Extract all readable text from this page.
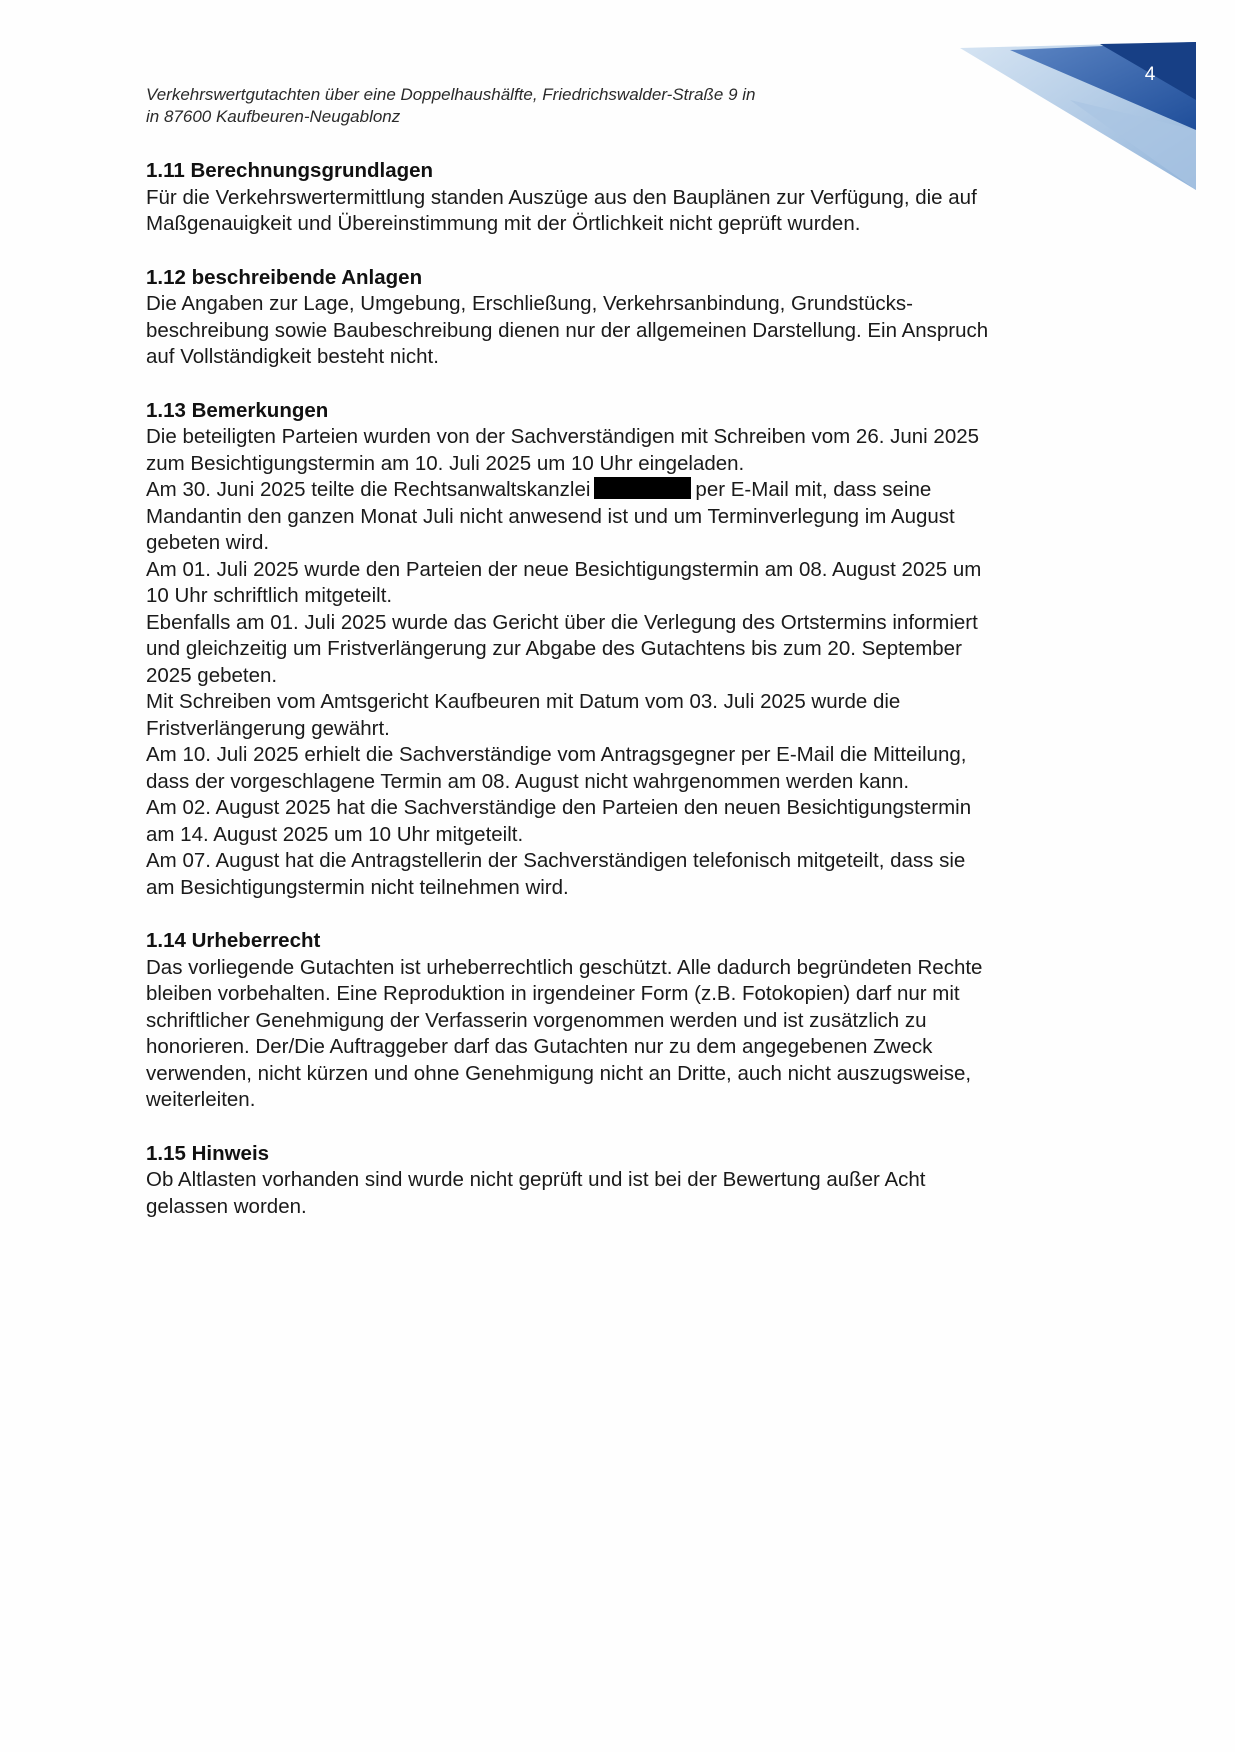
4
Verkehrswertgutachten über eine Doppelhaushälfte, Friedrichswalder-Straße 9 in
in 87600 Kaufbeuren-Neugablonz
1.11 Berechnungsgrundlagen

Für die Verkehrswertermittlung standen Auszüge aus den Bauplänen zur Verfügung, die auf

Maßgenauigkeit und Übereinstimmung mit der Örtlichkeit nicht geprüft wurden.

1.12 beschreibende Anlagen

Die Angaben zur Lage, Umgebung, Erschließung, Verkehrsanbindung, Grundstücks-

beschreibung sowie Baubeschreibung dienen nur der allgemeinen Darstellung. Ein Anspruch

auf Vollständigkeit besteht nicht.

1.13 Bemerkungen

Die beteiligten Parteien wurden von der Sachverständigen mit Schreiben vom 26. Juni 2025

zum Besichtigungstermin am 10. Juli 2025 um 10 Uhr eingeladen.

Am 30. Juni 2025 teilte die Rechtsanwaltskanzlei	per E-Mail mit, dass seine

Mandantin den ganzen Monat Juli nicht anwesend ist und um Terminverlegung im August

gebeten wird.

Am 01. Juli 2025 wurde den Parteien der neue Besichtigungstermin am 08. August 2025 um

10 Uhr schriftlich mitgeteilt.

Ebenfalls am 01. Juli 2025 wurde das Gericht über die Verlegung des Ortstermins informiert

und gleichzeitig um Fristverlängerung zur Abgabe des Gutachtens bis zum 20. September

2025 gebeten.

Mit Schreiben vom Amtsgericht Kaufbeuren mit Datum vom 03. Juli 2025 wurde die

Fristverlängerung gewährt.

Am 10. Juli 2025 erhielt die Sachverständige vom Antragsgegner per E-Mail die Mitteilung,

dass der vorgeschlagene Termin am 08. August nicht wahrgenommen werden kann.

Am 02. August 2025 hat die Sachverständige den Parteien den neuen Besichtigungstermin

am 14. August 2025 um 10 Uhr mitgeteilt.

Am 07. August hat die Antragstellerin der Sachverständigen telefonisch mitgeteilt, dass sie

am Besichtigungstermin nicht teilnehmen wird.

1.14 Urheberrecht

Das vorliegende Gutachten ist urheberrechtlich geschützt. Alle dadurch begründeten Rechte

bleiben vorbehalten. Eine Reproduktion in irgendeiner Form (z.B. Fotokopien) darf nur mit

schriftlicher Genehmigung der Verfasserin vorgenommen werden und ist zusätzlich zu

honorieren. Der/Die Auftraggeber darf das Gutachten nur zu dem angegebenen Zweck

verwenden, nicht kürzen und ohne Genehmigung nicht an Dritte, auch nicht auszugsweise,

weiterleiten.

1.15 Hinweis

Ob Altlasten vorhanden sind wurde nicht geprüft und ist bei der Bewertung außer Acht

gelassen worden.
